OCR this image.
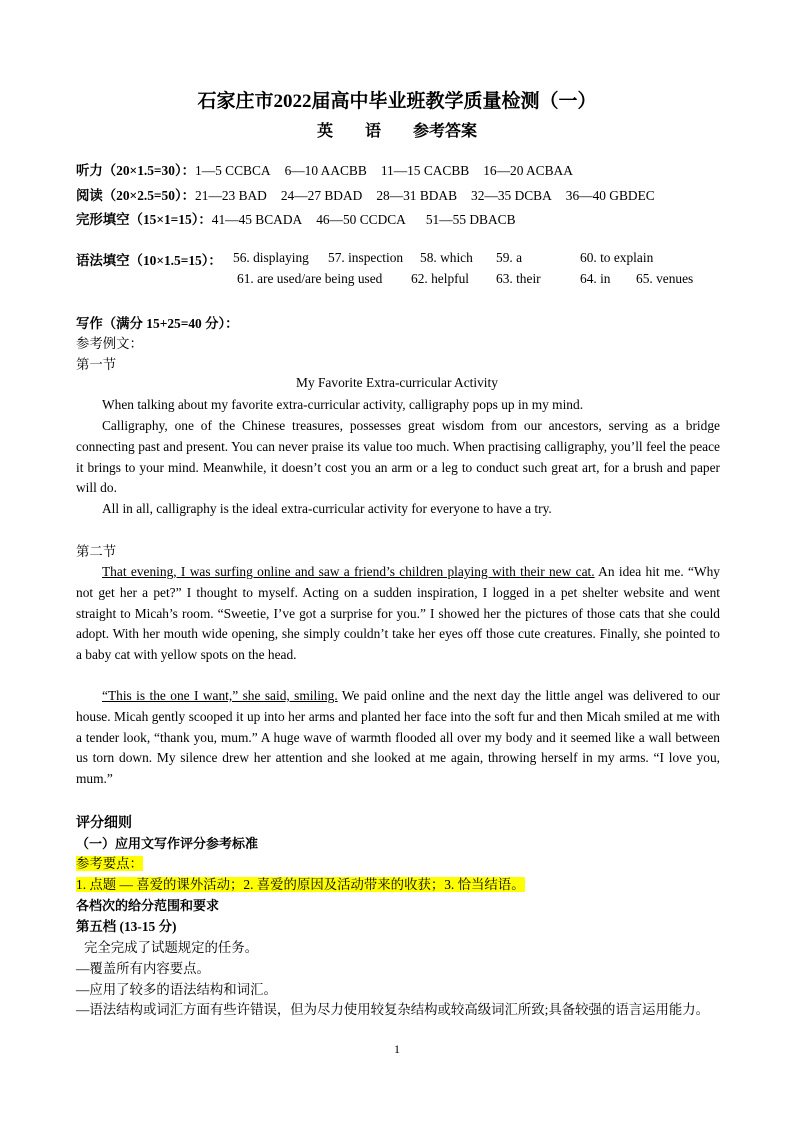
石家庄市2022届高中毕业班教学质量检测（一）
英 语 参考答案
听力（20×1.5=30）：1—5 CCBCA 6—10 AACBB 11—15 CACBB 16—20 ACBAA
阅读（20×2.5=50）：21—23 BAD 24—27 BDAD 28—31 BDAB 32—35 DCBA 36—40 GBDEC
完形填空（15×1=15）：41—45 BCADA 46—50 CCDCA 51—55 DBACB
语法填空（10×1.5=15）： 56. displaying 57. inspection 58. which 59. a	60. to explain
61. are used/are being used 62. helpful 63. their	64. in 65. venues
写作（满分 15+25=40 分）：
参考例文：
第一节
My Favorite Extra-curricular Activity
When talking about my favorite extra-curricular activity, calligraphy pops up in my mind.
Calligraphy, one of the Chinese treasures, possesses great wisdom from our ancestors, serving as a bridge connecting past and present. You can never praise its value too much. When practising calligraphy, you’ll feel the peace it brings to your mind. Meanwhile, it doesn’t cost you an arm or a leg to conduct such great art, for a brush and paper will do.
All in all, calligraphy is the ideal extra-curricular activity for everyone to have a try.
第二节
That evening, I was surfing online and saw a friend’s children playing with their new cat. An idea hit me. “Why not get her a pet?” I thought to myself. Acting on a sudden inspiration, I logged in a pet shelter website and went straight to Micah’s room. “Sweetie, I’ve got a surprise for you.” I showed her the pictures of those cats that she could adopt. With her mouth wide opening, she simply couldn’t take her eyes off those cute creatures. Finally, she pointed to a baby cat with yellow spots on the head.
“This is the one I want,” she said, smiling. We paid online and the next day the little angel was delivered to our house. Micah gently scooped it up into her arms and planted her face into the soft fur and then Micah smiled at me with a tender look, “thank you, mum.” A huge wave of warmth flooded all over my body and it seemed like a wall between us torn down. My silence drew her attention and she looked at me again, throwing herself in my arms. “I love you, mum.”
评分细则
（一）应用文写作评分参考标准
参考要点：
1. 点题 — 喜爱的课外活动；2. 喜爱的原因及活动带来的收获；3. 恰当结语。
各档次的给分范围和要求
第五档 (13-15 分)
完全完成了试题规定的任务。
—覆盖所有内容要点。
—应用了较多的语法结构和词汇。
—语法结构或词汇方面有些许错误，但为尽力使用较复杂结构或较高级词汇所致;具备较强的语言运用能力。
1
